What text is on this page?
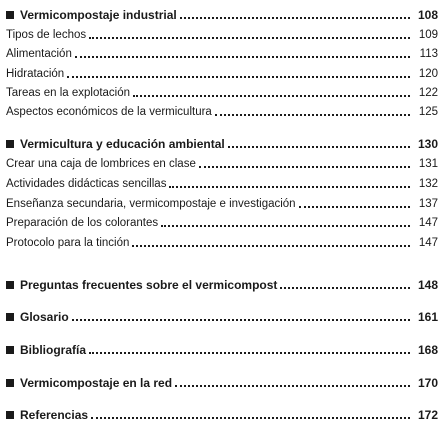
Vermicompostaje industrial	108
Tipos de lechos	109
Alimentación	113
Hidratación	120
Tareas en la explotación	122
Aspectos económicos de la vermicultura	125
Vermicultura y educación ambiental	130
Crear una caja de lombrices en clase	131
Actividades didácticas sencillas	132
Enseñanza secundaria, vermicompostaje e investigación	137
Preparación de los colorantes	147
Protocolo para la tinción	147
Preguntas frecuentes sobre el vermicompost	148
Glosario	161
Bibliografía	168
Vermicompostaje en la red	170
Referencias	172
